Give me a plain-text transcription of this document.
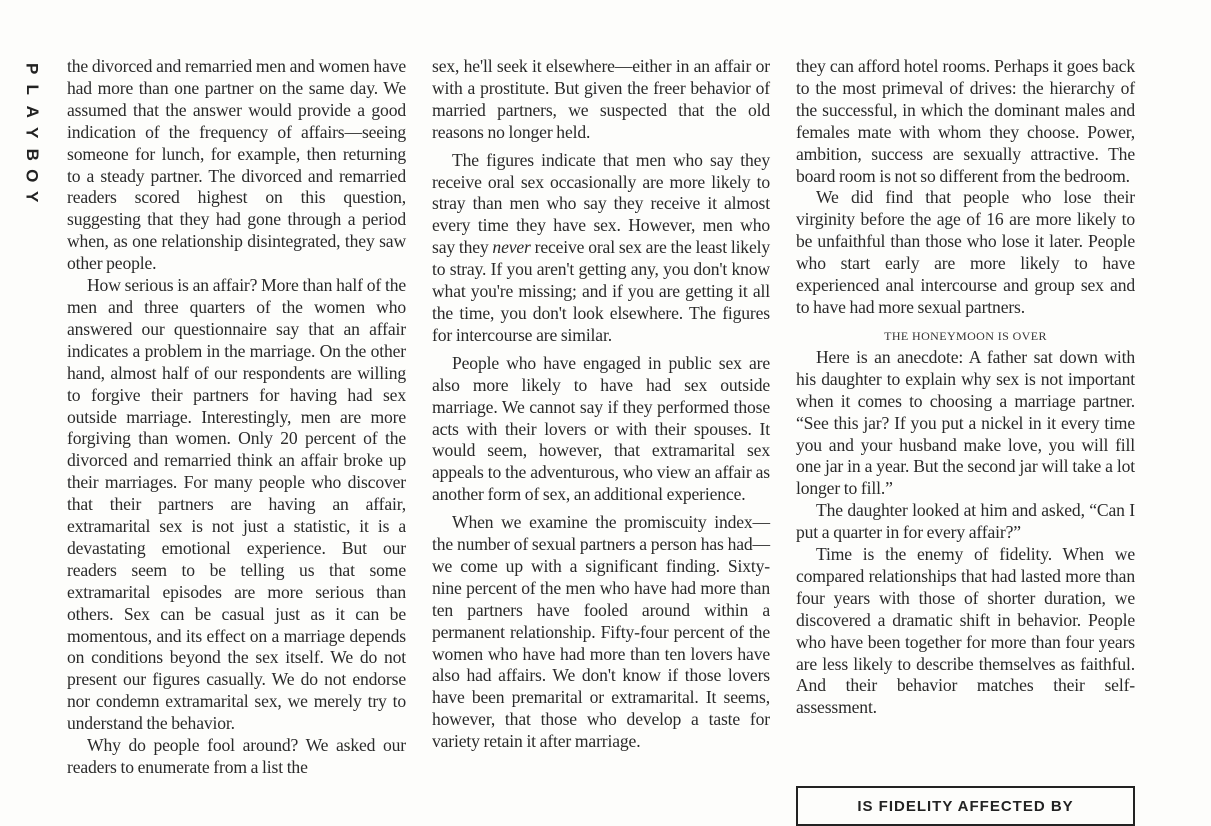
P
L
A
Y
B
O
Y

the divorced and remarried men and women have had more than one partner on the same day. We assumed that the answer would provide a good indication of the frequency of affairs—seeing someone for lunch, for example, then returning to a steady partner. The divorced and remarried readers scored highest on this question, suggesting that they had gone through a period when, as one relationship disintegrated, they saw other people.

How serious is an affair? More than half of the men and three quarters of the women who answered our questionnaire say that an affair indicates a problem in the marriage. On the other hand, almost half of our respondents are willing to forgive their partners for having had sex outside marriage. Interestingly, men are more forgiving than women. Only 20 percent of the divorced and remarried think an affair broke up their marriages. For many people who discover that their partners are having an affair, extramarital sex is not just a statistic, it is a devastating emotional experience. But our readers seem to be telling us that some extramarital episodes are more serious than others. Sex can be casual just as it can be momentous, and its effect on a marriage depends on conditions beyond the sex itself. We do not present our figures casually. We do not endorse nor condemn extramarital sex, we merely try to understand the behavior.

Why do people fool around? We asked our readers to enumerate from a list the

sex, he'll seek it elsewhere—either in an affair or with a prostitute. But given the freer behavior of married partners, we suspected that the old reasons no longer held.

The figures indicate that men who say they receive oral sex occasionally are more likely to stray than men who say they receive it almost every time they have sex. However, men who say they never receive oral sex are the least likely to stray. If you aren't getting any, you don't know what you're missing; and if you are getting it all the time, you don't look elsewhere. The figures for intercourse are similar.

People who have engaged in public sex are also more likely to have had sex outside marriage. We cannot say if they performed those acts with their lovers or with their spouses. It would seem, however, that extramarital sex appeals to the adventurous, who view an affair as another form of sex, an additional experience.

When we examine the promiscuity index—the number of sexual partners a person has had—we come up with a significant finding. Sixty-nine percent of the men who have had more than ten partners have fooled around within a permanent relationship. Fifty-four percent of the women who have had more than ten lovers have also had affairs. We don't know if those lovers have been premarital or extramarital. It seems, however, that those who develop a taste for variety retain it after marriage.

they can afford hotel rooms. Perhaps it goes back to the most primeval of drives: the hierarchy of the successful, in which the dominant males and females mate with whom they choose. Power, ambition, success are sexually attractive. The board room is not so different from the bedroom.

We did find that people who lose their virginity before the age of 16 are more likely to be unfaithful than those who lose it later. People who start early are more likely to have experienced anal intercourse and group sex and to have had more sexual partners.

THE HONEYMOON IS OVER

Here is an anecdote: A father sat down with his daughter to explain why sex is not important when it comes to choosing a marriage partner. “See this jar? If you put a nickel in it every time you and your husband make love, you will fill one jar in a year. But the second jar will take a lot longer to fill.”

The daughter looked at him and asked, “Can I put a quarter in for every affair?”

Time is the enemy of fidelity. When we compared relationships that had lasted more than four years with those of shorter duration, we discovered a dramatic shift in behavior. People who have been together for more than four years are less likely to describe themselves as faithful. And their behavior matches their self-assessment.

IS FIDELITY AFFECTED BY
